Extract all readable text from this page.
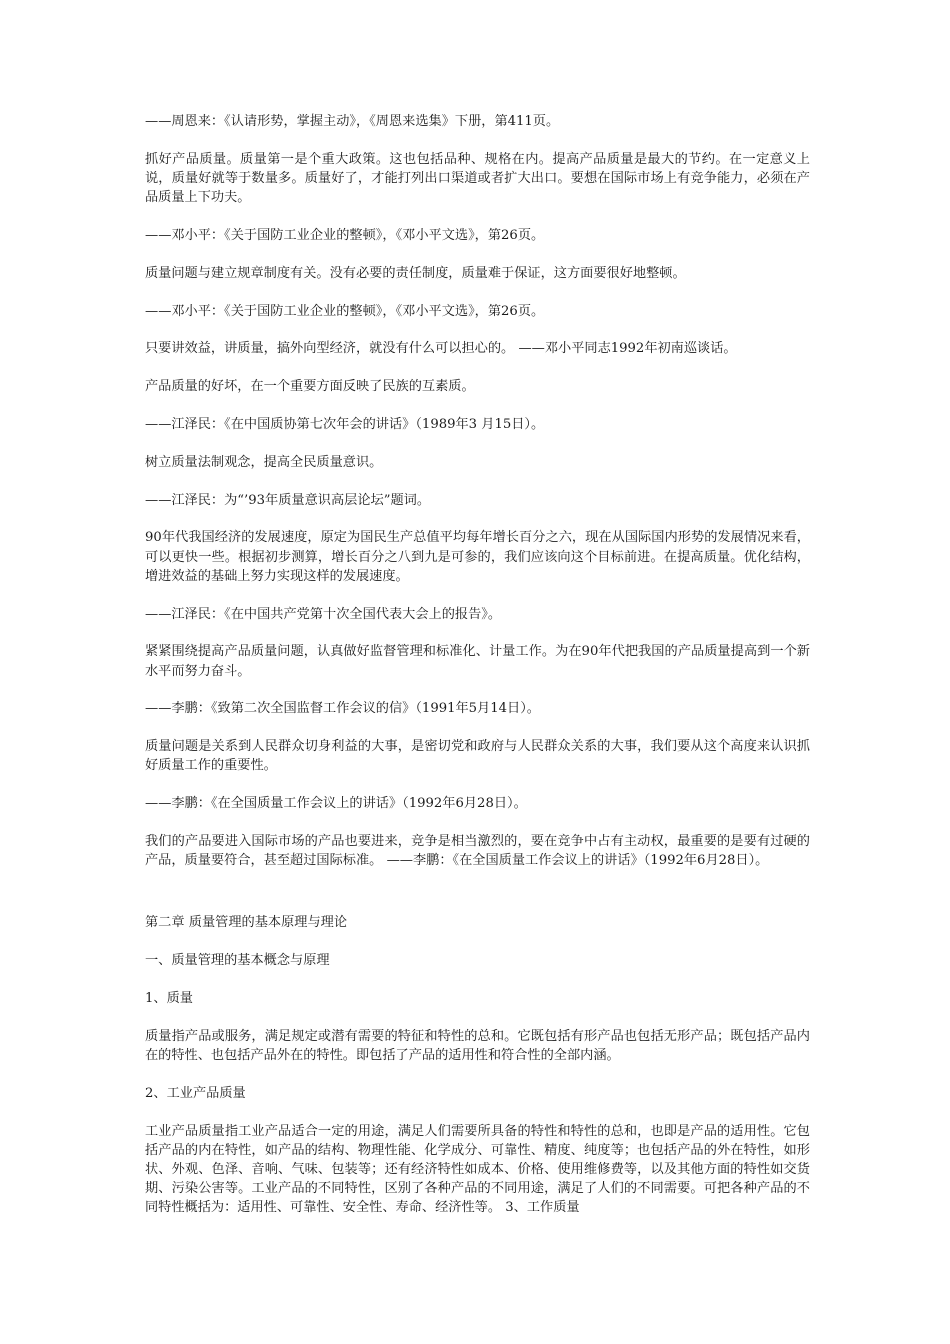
——周恩来：《认请形势，掌握主动》，《周恩来选集》下册，第411页。

抓好产品质量。质量第一是个重大政策。这也包括品种、规格在内。提高产品质量是最大的节约。在一定意义上说，质量好就等于数量多。质量好了，才能打列出口渠道或者扩大出口。要想在国际市场上有竞争能力，必须在产品质量上下功夫。

——邓小平：《关于国防工业企业的整顿》，《邓小平文选》，第26页。

质量问题与建立规章制度有关。没有必要的责任制度，质量难于保证，这方面要很好地整顿。

——邓小平：《关于国防工业企业的整顿》，《邓小平文选》，第26页。

只要讲效益，讲质量，搞外向型经济，就没有什么可以担心的。 ——邓小平同志1992年初南巡谈话。

产品质量的好坏，在一个重要方面反映了民族的互素质。

——江泽民：《在中国质协第七次年会的讲话》（1989年3 月15日）。

树立质量法制观念，提高全民质量意识。

——江泽民：为“’93年质量意识高层论坛”题词。

90年代我国经济的发展速度，原定为国民生产总值平均每年增长百分之六，现在从国际国内形势的发展情况来看，可以更快一些。根据初步测算，增长百分之八到九是可参的，我们应该向这个目标前进。在提高质量。优化结构，增进效益的基础上努力实现这样的发展速度。

——江泽民：《在中国共产党第十次全国代表大会上的报告》。

紧紧围绕提高产品质量问题，认真做好监督管理和标准化、计量工作。为在90年代把我国的产品质量提高到一个新水平而努力奋斗。

——李鹏：《致第二次全国监督工作会议的信》（1991年5月14日）。

质量问题是关系到人民群众切身利益的大事，是密切党和政府与人民群众关系的大事，我们要从这个高度来认识抓好质量工作的重要性。

——李鹏：《在全国质量工作会议上的讲话》（1992年6月28日）。

我们的产品要进入国际市场的产品也要进来，竞争是相当激烈的，要在竞争中占有主动权，最重要的是要有过硬的产品，质量要符合，甚至超过国际标准。 ——李鹏：《在全国质量工作会议上的讲话》（1992年6月28日）。

第二章 质量管理的基本原理与理论

一、质量管理的基本概念与原理

1、质量

质量指产品或服务，满足规定或潜有需要的特征和特性的总和。它既包括有形产品也包括无形产品；既包括产品内在的特性、也包括产品外在的特性。即包括了产品的适用性和符合性的全部内涵。

2、工业产品质量

工业产品质量指工业产品适合一定的用途，满足人们需要所具备的特性和特性的总和，也即是产品的适用性。它包括产品的内在特性，如产品的结构、物理性能、化学成分、可靠性、精度、纯度等；也包括产品的外在特性，如形状、外观、色泽、音响、气味、包装等；还有经济特性如成本、价格、使用维修费等，以及其他方面的特性如交货期、污染公害等。工业产品的不同特性，区别了各种产品的不同用途，满足了人们的不同需要。可把各种产品的不同特性概括为：适用性、可靠性、安全性、寿命、经济性等。 3、工作质量
